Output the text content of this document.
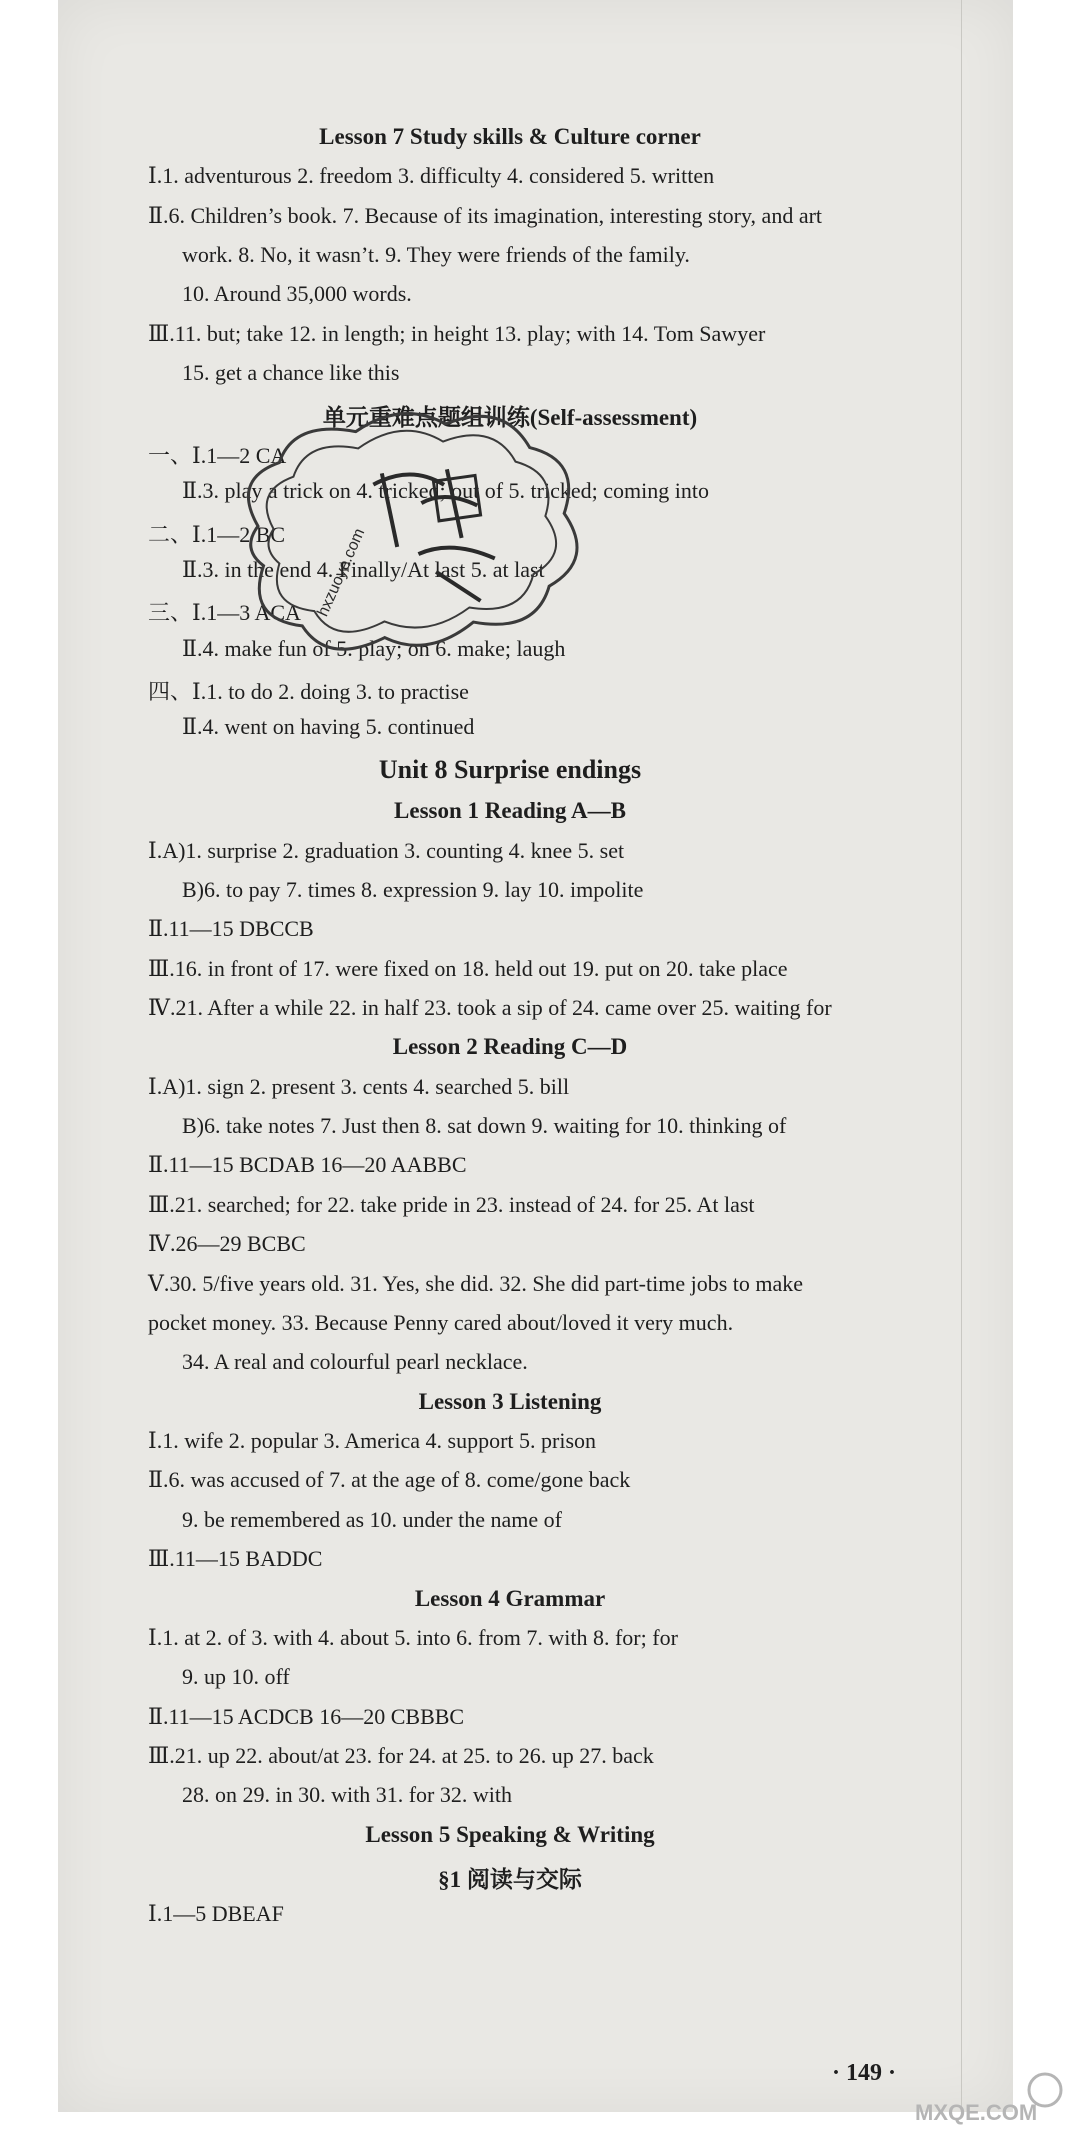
Lesson 7 Study skills & Culture corner
Ⅰ.1. adventurous 2. freedom 3. difficulty 4. considered 5. written
Ⅱ.6. Children’s book. 7. Because of its imagination, interesting story, and art
work. 8. No, it wasn’t. 9. They were friends of the family.
10. Around 35,000 words.
Ⅲ.11. but; take 12. in length; in height 13. play; with 14. Tom Sawyer
15. get a chance like this
单元重难点题组训练(Self-assessment)
一、Ⅰ.1—2 CA
Ⅱ.3. play a trick on 4. tricked; out of 5. tricked; coming into
二、Ⅰ.1—2 BC
Ⅱ.3. in the end 4. Finally/At last 5. at last
三、Ⅰ.1—3 ACA
Ⅱ.4. make fun of 5. play; on 6. make; laugh
四、Ⅰ.1. to do 2. doing 3. to practise
Ⅱ.4. went on having 5. continued
Unit 8 Surprise endings
Lesson 1 Reading A—B
Ⅰ.A)1. surprise 2. graduation 3. counting 4. knee 5. set
B)6. to pay 7. times 8. expression 9. lay 10. impolite
Ⅱ.11—15 DBCCB
Ⅲ.16. in front of 17. were fixed on 18. held out 19. put on 20. take place
Ⅳ.21. After a while 22. in half 23. took a sip of 24. came over 25. waiting for
Lesson 2 Reading C—D
Ⅰ.A)1. sign 2. present 3. cents 4. searched 5. bill
B)6. take notes 7. Just then 8. sat down 9. waiting for 10. thinking of
Ⅱ.11—15 BCDAB 16—20 AABBC
Ⅲ.21. searched; for 22. take pride in 23. instead of 24. for 25. At last
Ⅳ.26—29 BCBC
Ⅴ.30. 5/five years old. 31. Yes, she did. 32. She did part-time jobs to make
pocket money. 33. Because Penny cared about/loved it very much.
34. A real and colourful pearl necklace.
Lesson 3 Listening
Ⅰ.1. wife 2. popular 3. America 4. support 5. prison
Ⅱ.6. was accused of 7. at the age of 8. come/gone back
9. be remembered as 10. under the name of
Ⅲ.11—15 BADDC
Lesson 4 Grammar
Ⅰ.1. at 2. of 3. with 4. about 5. into 6. from 7. with 8. for; for
9. up 10. off
Ⅱ.11—15 ACDCB 16—20 CBBBC
Ⅲ.21. up 22. about/at 23. for 24. at 25. to 26. up 27. back
28. on 29. in 30. with 31. for 32. with
Lesson 5 Speaking & Writing
§1 阅读与交际
Ⅰ.1—5 DBEAF
hxzuoye.com
· 149 ·
MXQE.COM
